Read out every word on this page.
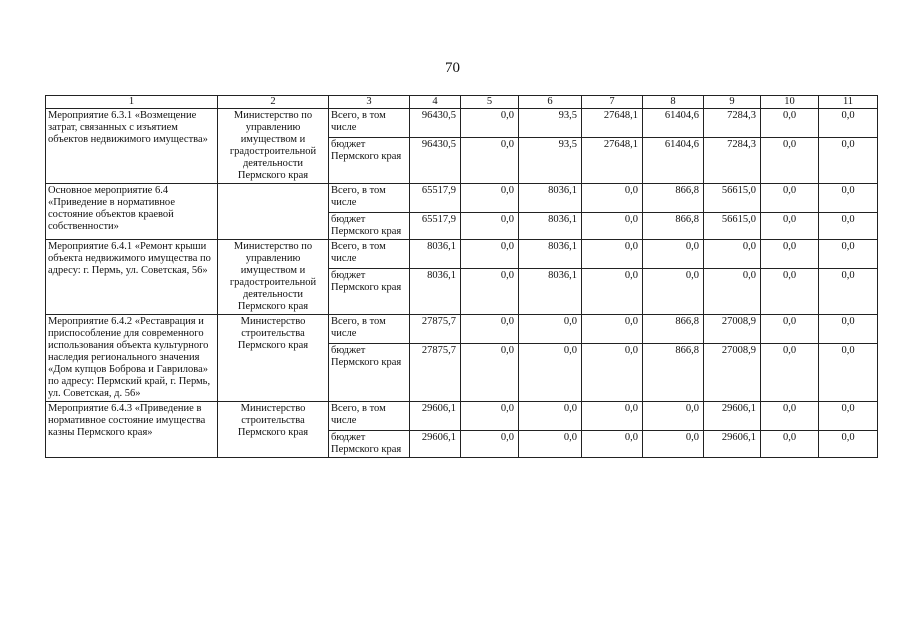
70
1	2	3	4	5	6	7	8	9	10	11
Мероприятие 6.3.1 «Возмещение затрат, связанных с изъятием объектов недвижимого имущества»	Министерство по управлению имуществом и градостроительной деятельности Пермского края	Всего, в том числе	96430,5	0,0	93,5	27648,1	61404,6	7284,3	0,0	0,0
		бюджет Пермского края	96430,5	0,0	93,5	27648,1	61404,6	7284,3	0,0	0,0
Основное мероприятие 6.4 «Приведение в нормативное состояние объектов краевой собственности»		Всего, в том числе	65517,9	0,0	8036,1	0,0	866,8	56615,0	0,0	0,0
		бюджет Пермского края	65517,9	0,0	8036,1	0,0	866,8	56615,0	0,0	0,0
Мероприятие 6.4.1 «Ремонт крыши объекта недвижимого имущества по адресу: г. Пермь, ул. Советская, 56»	Министерство по управлению имуществом и градостроительной деятельности Пермского края	Всего, в том числе	8036,1	0,0	8036,1	0,0	0,0	0,0	0,0	0,0
		бюджет Пермского края	8036,1	0,0	8036,1	0,0	0,0	0,0	0,0	0,0
Мероприятие 6.4.2 «Реставрация и приспособление для современного использования объекта культурного наследия регионального значения «Дом купцов Боброва и Гаврилова» по адресу: Пермский край, г. Пермь, ул. Советская, д. 56»	Министерство строительства Пермского края	Всего, в том числе	27875,7	0,0	0,0	0,0	866,8	27008,9	0,0	0,0
		бюджет Пермского края	27875,7	0,0	0,0	0,0	866,8	27008,9	0,0	0,0
Мероприятие 6.4.3 «Приведение в нормативное состояние имущества казны Пермского края»	Министерство строительства Пермского края	Всего, в том числе	29606,1	0,0	0,0	0,0	0,0	29606,1	0,0	0,0
		бюджет Пермского края	29606,1	0,0	0,0	0,0	0,0	29606,1	0,0	0,0
